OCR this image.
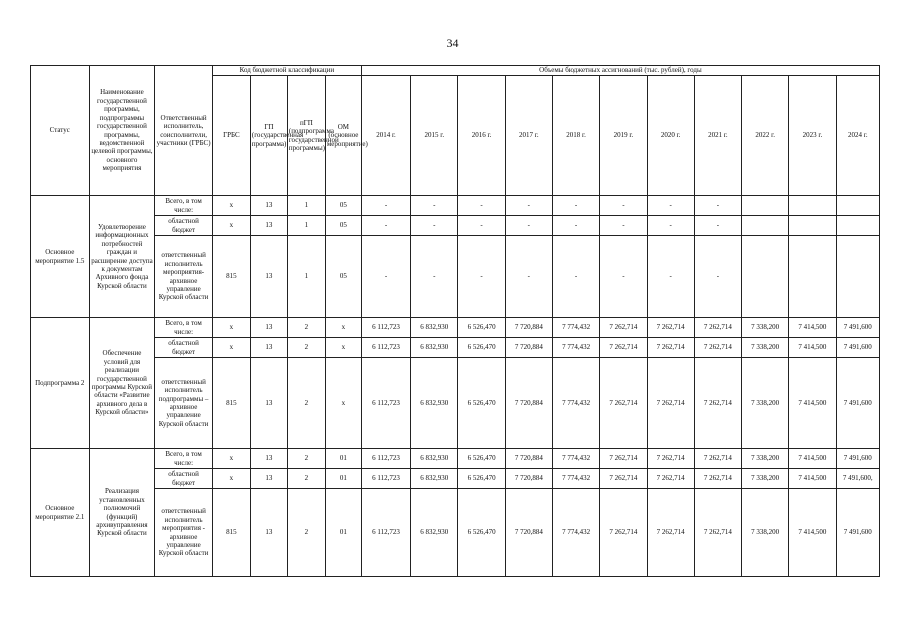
34
Статус	Наименование государственной программы, подпрограммы государственной программы, ведомственной целевой программы, основного мероприятия	Ответственный исполнитель, соисполнители, участники (ГРБС)	Код бюджетной классификации				Объемы бюджетных ассигнований (тыс. рублей), годы										
			ГРБС	ГП (государственная программа)	пГП (подпрограмма государственной программы)	ОМ (основное мероприятие)	2014 г.	2015 г.	2016 г.	2017 г.	2018 г.	2019 г.	2020 г.	2021 г.	2022 г.	2023 г.	2024 г.
Основное мероприятие 1.5	Удовлетворение информационных потребностей граждан и расширение доступа к документам Архивного фонда Курской области	Всего, в том числе:	x	13	1	05	-	-	-	-	-	-	-	-			
		областной бюджет	x	13	1	05	-	-	-	-	-	-	-	-			
		ответственный исполнитель мероприятия- архивное управление Курской области	815	13	1	05	-	-	-	-	-	-	-	-			
Подпрограмма 2	Обеспечение условий для реализации государственной программы Курской области «Развитие архивного дела в Курской области»	Всего, в том числе:	x	13	2	x	6 112,723	6 832,930	6 526,470	7 720,884	7 774,432	7 262,714	7 262,714	7 262,714	7 338,200	7 414,500	7 491,600
		областной бюджет	x	13	2	x	6 112,723	6 832,930	6 526,470	7 720,884	7 774,432	7 262,714	7 262,714	7 262,714	7 338,200	7 414,500	7 491,600
		ответственный исполнитель подпрограммы – архивное управление Курской области	815	13	2	x	6 112,723	6 832,930	6 526,470	7 720,884	7 774,432	7 262,714	7 262,714	7 262,714	7 338,200	7 414,500	7 491,600
Основное мероприятие 2.1	Реализация установленных полномочий (функций) архивуправления Курской области	Всего, в том числе:	x	13	2	01	6 112,723	6 832,930	6 526,470	7 720,884	7 774,432	7 262,714	7 262,714	7 262,714	7 338,200	7 414,500	7 491,600
		областной бюджет	x	13	2	01	6 112,723	6 832,930	6 526,470	7 720,884	7 774,432	7 262,714	7 262,714	7 262,714	7 338,200	7 414,500	7 491,600,
		ответственный исполнитель мероприятия - архивное управление Курской области	815	13	2	01	6 112,723	6 832,930	6 526,470	7 720,884	7 774,432	7 262,714	7 262,714	7 262,714	7 338,200	7 414,500	7 491,600
